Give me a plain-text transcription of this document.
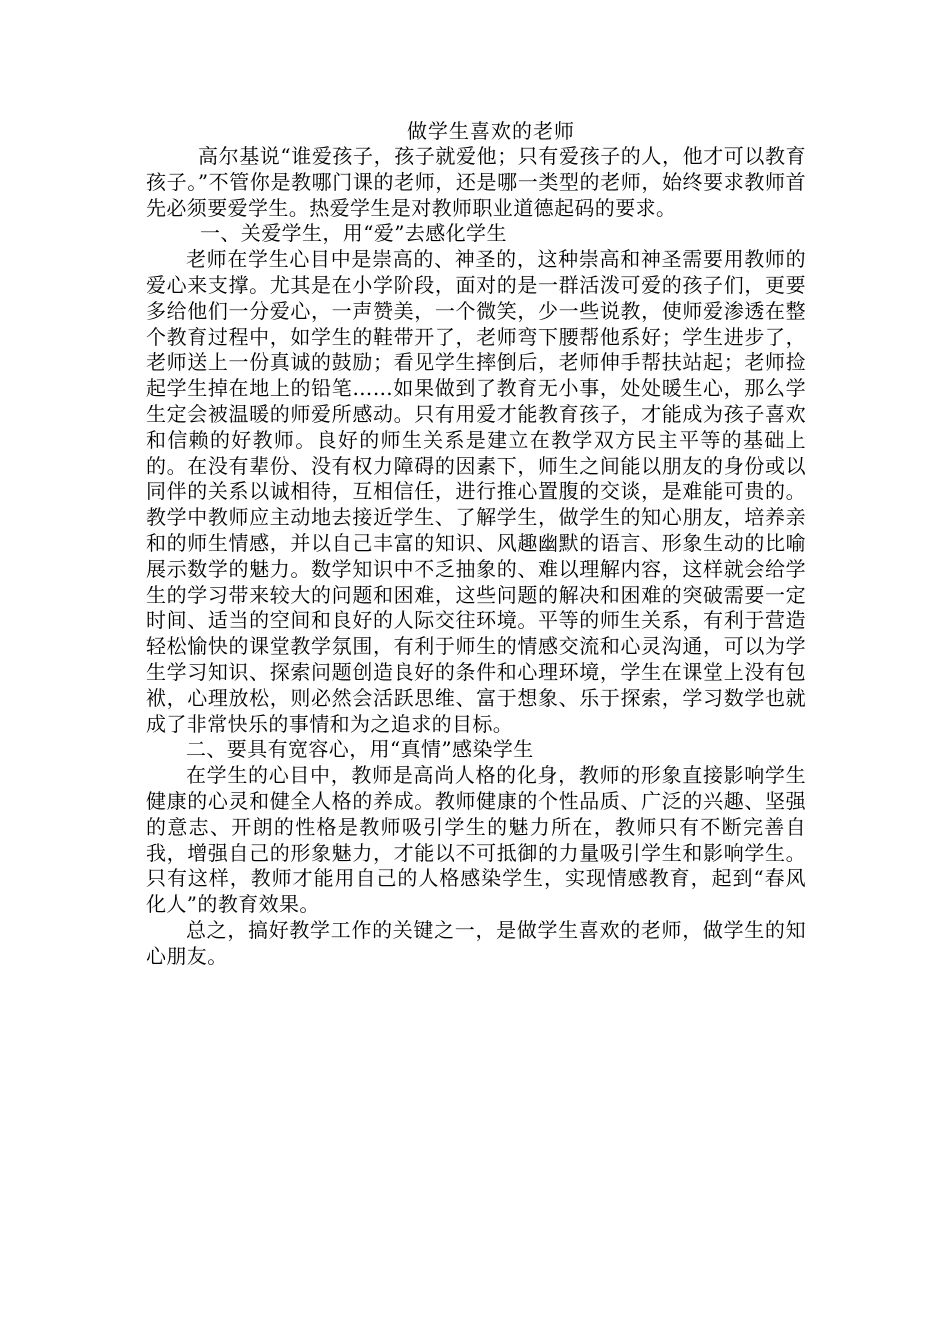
做学生喜欢的老师

高尔基说“谁爱孩子，孩子就爱他；只有爱孩子的人，他才可以教育孩子。”不管你是教哪门课的老师，还是哪一类型的老师，始终要求教师首先必须要爱学生。热爱学生是对教师职业道德起码的要求。

一、关爱学生，用“爱”去感化学生

老师在学生心目中是崇高的、神圣的，这种崇高和神圣需要用教师的爱心来支撑。尤其是在小学阶段，面对的是一群活泼可爱的孩子们，更要多给他们一分爱心，一声赞美，一个微笑，少一些说教，使师爱渗透在整个教育过程中，如学生的鞋带开了，老师弯下腰帮他系好；学生进步了，老师送上一份真诚的鼓励；看见学生摔倒后，老师伸手帮扶站起；老师捡起学生掉在地上的铅笔……如果做到了教育无小事，处处暖生心，那么学生定会被温暖的师爱所感动。只有用爱才能教育孩子，才能成为孩子喜欢和信赖的好教师。良好的师生关系是建立在教学双方民主平等的基础上的。在没有辈份、没有权力障碍的因素下，师生之间能以朋友的身份或以同伴的关系以诚相待，互相信任，进行推心置腹的交谈，是难能可贵的。教学中教师应主动地去接近学生、了解学生，做学生的知心朋友，培养亲和的师生情感，并以自己丰富的知识、风趣幽默的语言、形象生动的比喻展示数学的魅力。数学知识中不乏抽象的、难以理解内容，这样就会给学生的学习带来较大的问题和困难，这些问题的解决和困难的突破需要一定时间、适当的空间和良好的人际交往环境。平等的师生关系，有利于营造轻松愉快的课堂教学氛围，有利于师生的情感交流和心灵沟通，可以为学生学习知识、探索问题创造良好的条件和心理环境，学生在课堂上没有包袱，心理放松，则必然会活跃思维、富于想象、乐于探索，学习数学也就成了非常快乐的事情和为之追求的目标。

二、要具有宽容心，用“真情”感染学生

在学生的心目中，教师是高尚人格的化身，教师的形象直接影响学生健康的心灵和健全人格的养成。教师健康的个性品质、广泛的兴趣、坚强的意志、开朗的性格是教师吸引学生的魅力所在，教师只有不断完善自我，增强自己的形象魅力，才能以不可抵御的力量吸引学生和影响学生。只有这样，教师才能用自己的人格感染学生，实现情感教育，起到“春风化人”的教育效果。

总之，搞好教学工作的关键之一，是做学生喜欢的老师，做学生的知心朋友。
